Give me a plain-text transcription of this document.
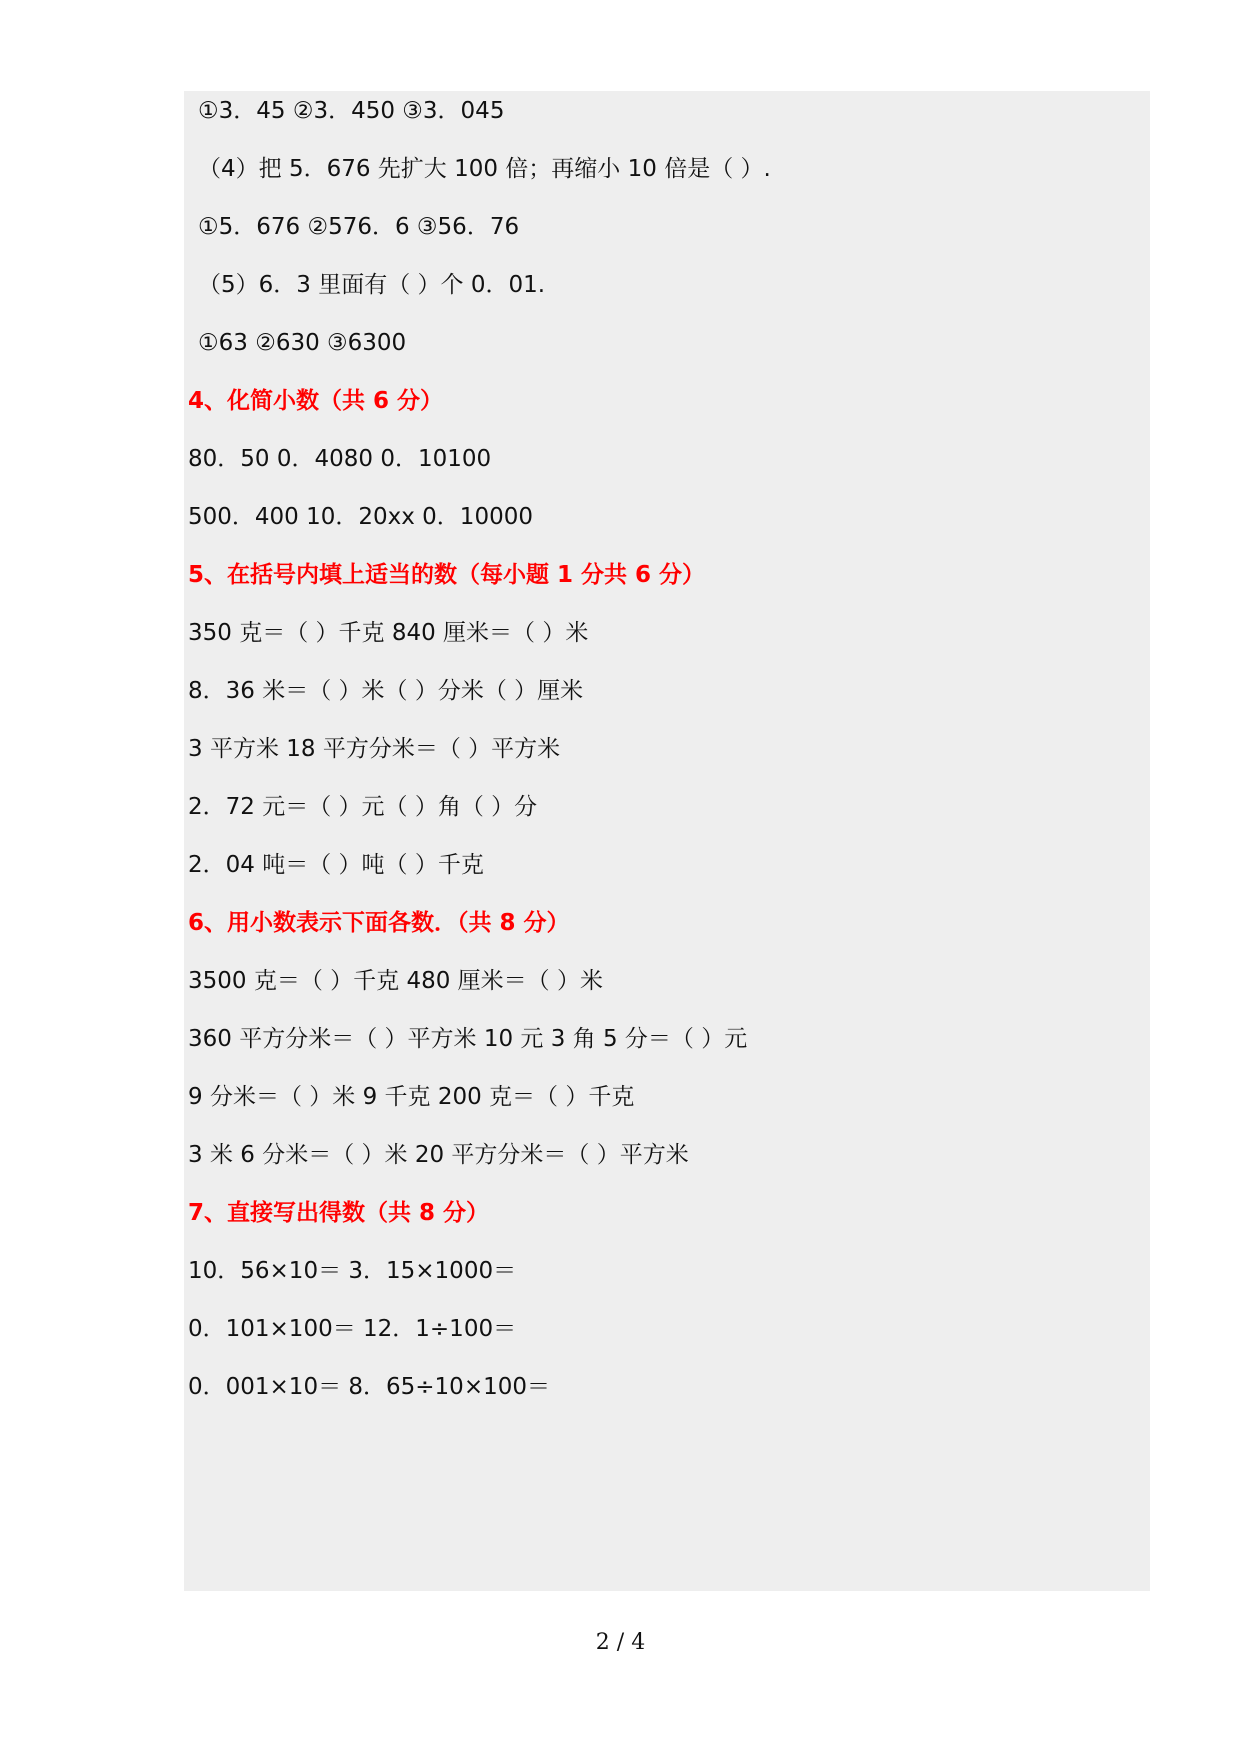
①3．45 ②3．450 ③3．045
（4）把 5．676 先扩大 100 倍；再缩小 10 倍是（ ）.
①5．676 ②576．6 ③56．76
（5）6．3 里面有（ ）个 0．01.
①63 ②630 ③6300
4、化简小数（共 6 分）
80．50 0．4080 0．10100
500．400 10．20xx 0．10000
5、在括号内填上适当的数（每小题 1 分共 6 分）
350 克＝（ ）千克 840 厘米＝（ ）米
8．36 米＝（ ）米（ ）分米（ ）厘米
3 平方米 18 平方分米＝（ ）平方米
2．72 元＝（ ）元（ ）角（ ）分
2．04 吨＝（ ）吨（ ）千克
6、用小数表示下面各数．（共 8 分）
3500 克＝（ ）千克 480 厘米＝（ ）米
360 平方分米＝（ ）平方米 10 元 3 角 5 分＝（ ）元
9 分米＝（ ）米 9 千克 200 克＝（ ）千克
3 米 6 分米＝（ ）米 20 平方分米＝（ ）平方米
7、直接写出得数（共 8 分）
10．56×10＝ 3．15×1000＝
0．101×100＝ 12．1÷100＝
0．001×10＝ 8．65÷10×100＝
2 / 4
